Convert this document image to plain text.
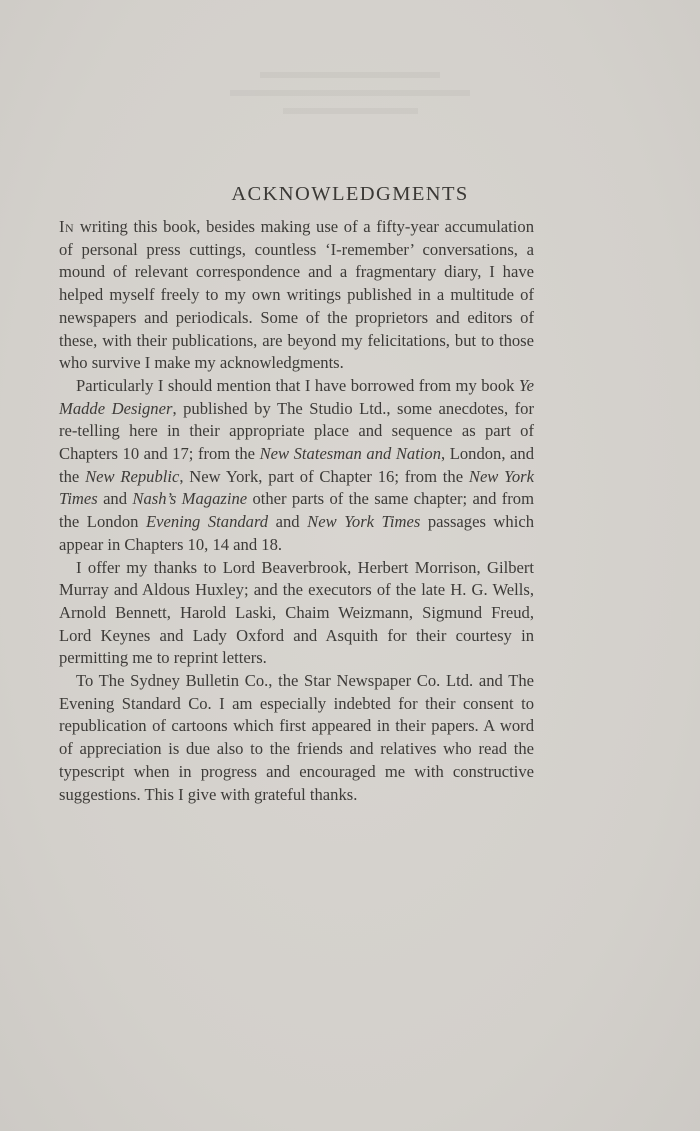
ACKNOWLEDGMENTS

In writing this book, besides making use of a fifty-year accumulation of personal press cuttings, countless ‘I-remember’ conversations, a mound of relevant correspondence and a fragmentary diary, I have helped myself freely to my own writings published in a multitude of newspapers and periodicals. Some of the proprietors and editors of these, with their publications, are beyond my felicitations, but to those who survive I make my acknowledgments.

Particularly I should mention that I have borrowed from my book Ye Madde Designer, published by The Studio Ltd., some anecdotes, for re-telling here in their appropriate place and sequence as part of Chapters 10 and 17; from the New Statesman and Nation, London, and the New Republic, New York, part of Chapter 16; from the New York Times and Nash’s Magazine other parts of the same chapter; and from the London Evening Standard and New York Times passages which appear in Chapters 10, 14 and 18.

I offer my thanks to Lord Beaverbrook, Herbert Morrison, Gilbert Murray and Aldous Huxley; and the executors of the late H. G. Wells, Arnold Bennett, Harold Laski, Chaim Weizmann, Sigmund Freud, Lord Keynes and Lady Oxford and Asquith for their courtesy in permitting me to reprint letters.

To The Sydney Bulletin Co., the Star Newspaper Co. Ltd. and The Evening Standard Co. I am especially indebted for their consent to republication of cartoons which first appeared in their papers. A word of appreciation is due also to the friends and relatives who read the typescript when in progress and encouraged me with constructive suggestions. This I give with grateful thanks.
